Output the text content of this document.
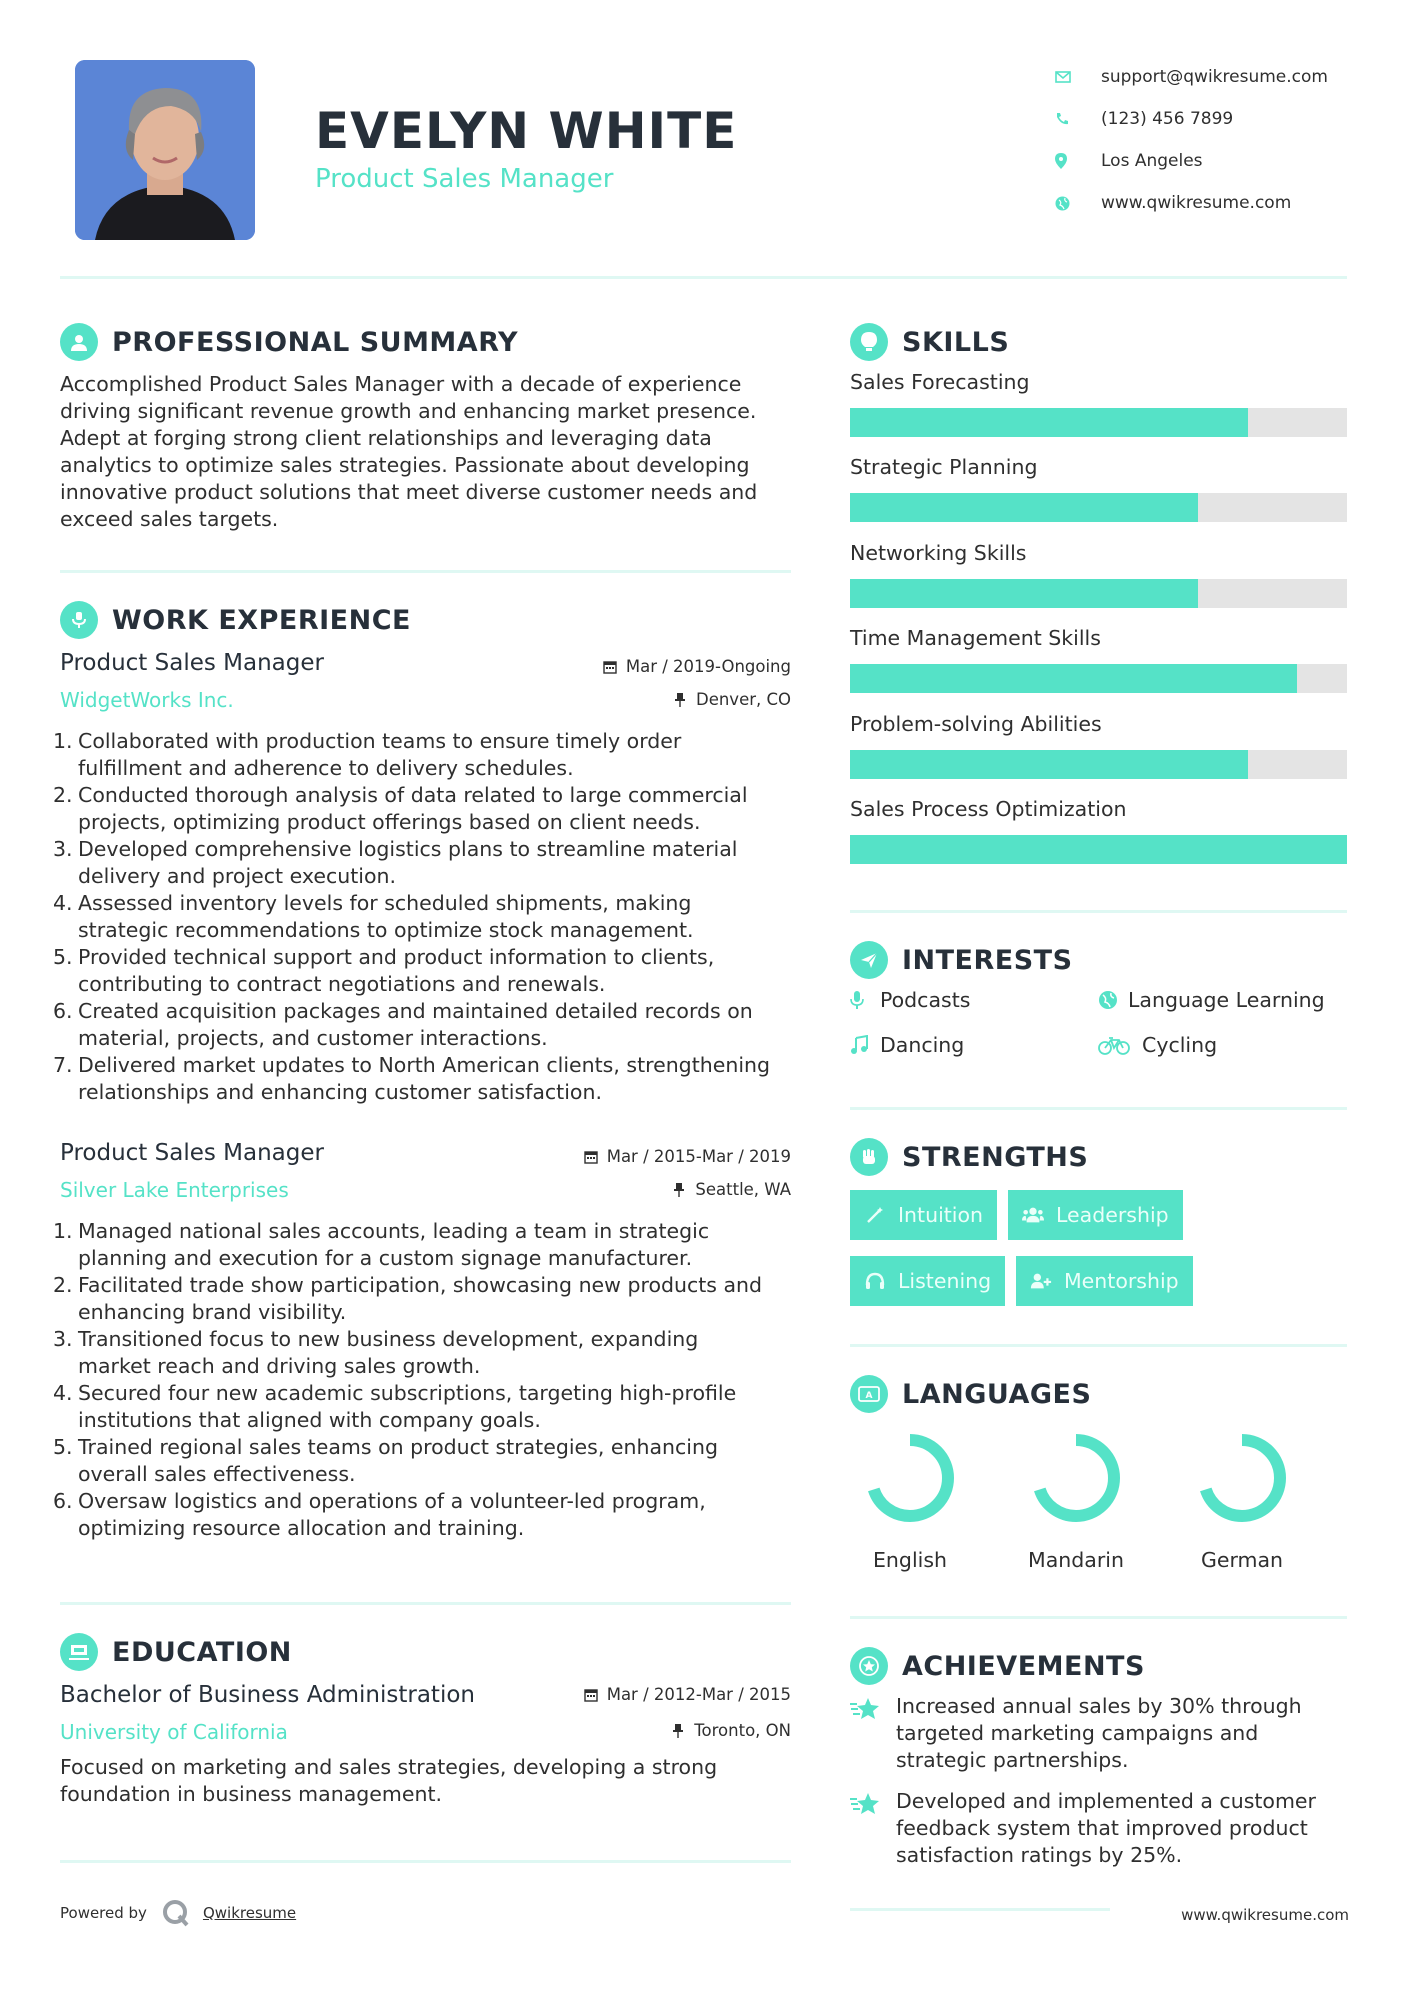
EVELYN WHITE
Product Sales Manager
support@qwikresume.com
(123) 456 7899
Los Angeles
www.qwikresume.com
PROFESSIONAL SUMMARY
Accomplished Product Sales Manager with a decade of experience
driving significant revenue growth and enhancing market presence.
Adept at forging strong client relationships and leveraging data
analytics to optimize sales strategies. Passionate about developing
innovative product solutions that meet diverse customer needs and
exceed sales targets.
WORK EXPERIENCE
Product Sales Manager
WidgetWorks Inc.
Mar / 2019-Ongoing
Denver, CO
1. Collaborated with production teams to ensure timely order
fulfillment and adherence to delivery schedules.
2. Conducted thorough analysis of data related to large commercial
projects, optimizing product offerings based on client needs.
3. Developed comprehensive logistics plans to streamline material
delivery and project execution.
4. Assessed inventory levels for scheduled shipments, making
strategic recommendations to optimize stock management.
5. Provided technical support and product information to clients,
contributing to contract negotiations and renewals.
6. Created acquisition packages and maintained detailed records on
material, projects, and customer interactions.
7. Delivered market updates to North American clients, strengthening
relationships and enhancing customer satisfaction.
Product Sales Manager
Silver Lake Enterprises
Mar / 2015-Mar / 2019
Seattle, WA
1. Managed national sales accounts, leading a team in strategic
planning and execution for a custom signage manufacturer.
2. Facilitated trade show participation, showcasing new products and
enhancing brand visibility.
3. Transitioned focus to new business development, expanding
market reach and driving sales growth.
4. Secured four new academic subscriptions, targeting high-profile
institutions that aligned with company goals.
5. Trained regional sales teams on product strategies, enhancing
overall sales effectiveness.
6. Oversaw logistics and operations of a volunteer-led program,
optimizing resource allocation and training.
EDUCATION
Bachelor of Business Administration
University of California
Mar / 2012-Mar / 2015
Toronto, ON
Focused on marketing and sales strategies, developing a strong
foundation in business management.
Powered by	Qwikresume	www.qwikresume.com
SKILLS
Sales Forecasting
Strategic Planning
Networking Skills
Time Management Skills
Problem-solving Abilities
Sales Process Optimization
INTERESTS
Podcasts	Language Learning
Dancing	Cycling
STRENGTHS
Intuition	Leadership
Listening	Mentorship
A LANGUAGES
English	Mandarin	German
ACHIEVEMENTS
Increased annual sales by 30% through
targeted marketing campaigns and
strategic partnerships.
Developed and implemented a customer
feedback system that improved product
satisfaction ratings by 25%.
